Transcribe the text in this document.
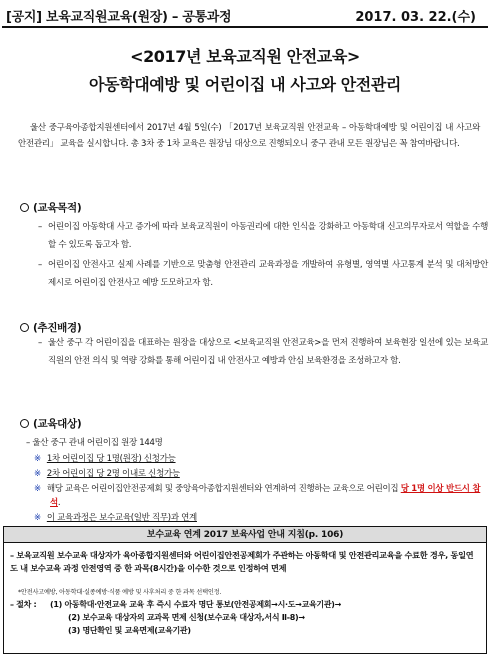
[공지] 보육교직원교육(원장) – 공통과정	2017. 03. 22.(수)
<2017년 보육교직원 안전교육>
아동학대예방 및 어린이집 내 사고와 안전관리
울산 중구육아종합지원센터에서 2017년 4월 5일(수) 「2017년 보육교직원 안전교육 – 아동학대예방 및 어린이집 내 사고와 안전관리」 교육을 실시합니다. 총 3차 중 1차 교육은 원장님 대상으로 진행되오니 중구 관내 모든 원장님은 꼭 참여바랍니다.
(교육목적)
– 어린이집 아동학대 사고 증가에 따라 보육교직원이 아동권리에 대한 인식을 강화하고 아동학대 신고의무자로서 역할을 수행할 수 있도록 돕고자 함.
– 어린이집 안전사고 실제 사례를 기반으로 맞춤형 안전관리 교육과정을 개발하여 유형별, 영역별 사고통계 분석 및 대처방안 제시로 어린이집 안전사고 예방 도모하고자 함.
(추진배경)
– 울산 중구 각 어린이집을 대표하는 원장을 대상으로 <보육교직원 안전교육>을 먼저 진행하여 보육현장 일선에 있는 보육교직원의 안전 의식 및 역량 강화를 통해 어린이집 내 안전사고 예방과 안심 보육환경을 조성하고자 함.
(교육대상)
– 울산 중구 관내 어린이집 원장 144명
※ 1차 어린이집 당 1명(원장) 신청가능
※ 2차 어린이집 당 2명 이내로 신청가능
※ 해당 교육은 어린이집안전공제회 및 중앙육아종합지원센터와 연계하여 진행하는 교육으로 어린이집 당 1명 이상 반드시 참석.
※ 이 교육과정은 보수교육(일반 직무)과 연계
보수교육 연계 2017 보육사업 안내 지침(p. 106)
– 보육교직원 보수교육 대상자가 육아종합지원센터와 어린이집안전공제회가 주관하는 아동학대 및 안전관리교육을 수료한 경우, 동일연도 내 보수교육 과정 안전영역 중 한 과목(8시간)을 이수한 것으로 인정하여 면제
*안전사고예방, 아동학대·실종예방·식품 예방 및 사후처리 중 한 과목 선택인정.
– 절차 : (1) 아동학대·안전교육 교육 후 즉시 수료자 명단 통보(안전공제회→시·도→교육기관)→
(2) 보수교육 대상자의 교과목 면제 신청(보수교육 대상자,서식 Ⅱ-8)→
(3) 명단확인 및 교육면제(교육기관)
